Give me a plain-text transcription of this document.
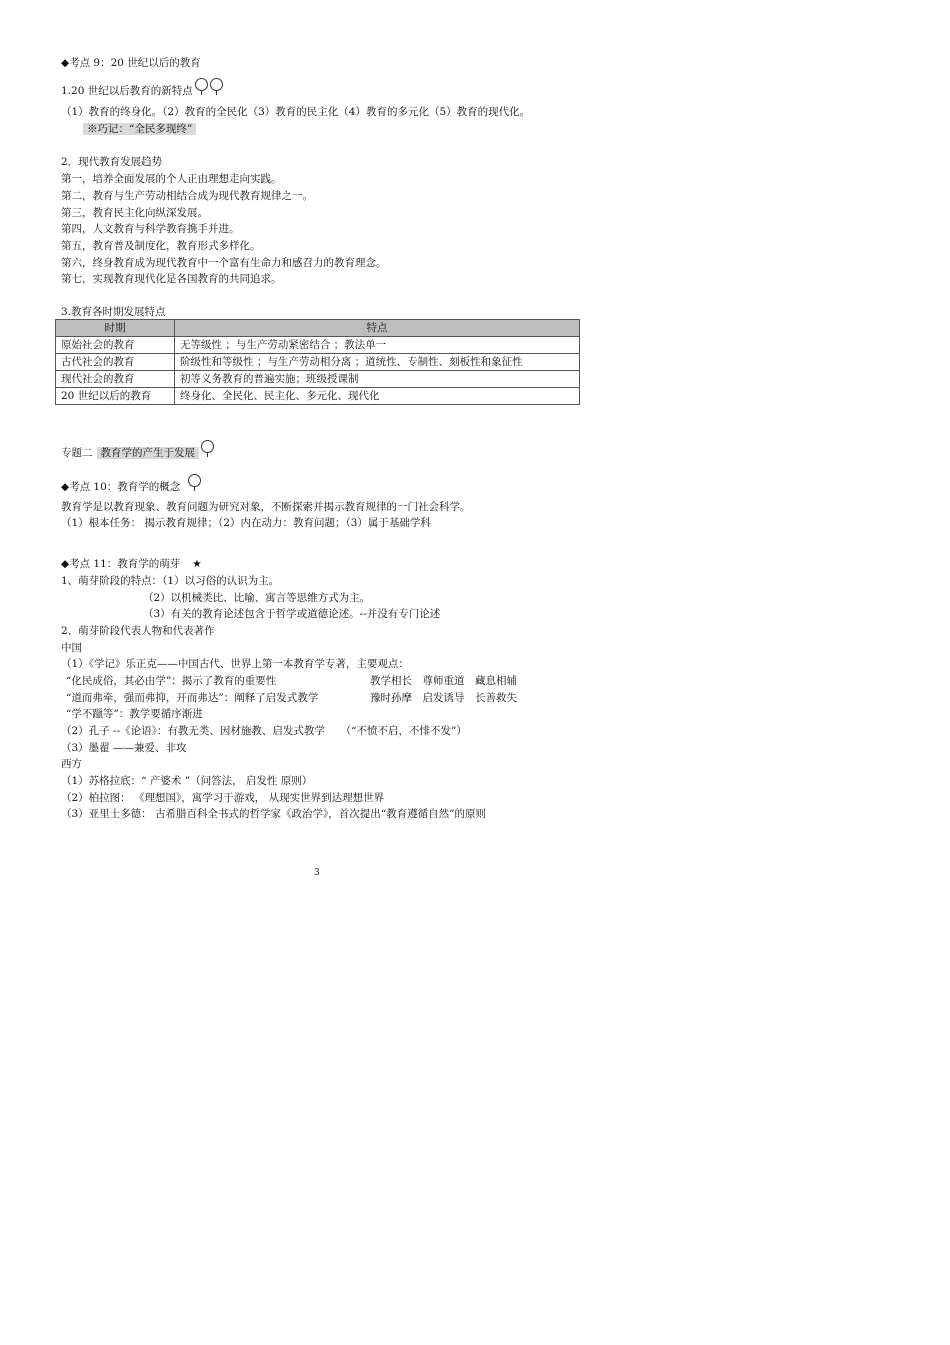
◆考点 9：20 世纪以后的教育
1.20 世纪以后教育的新特点
（1）教育的终身化。（2）教育的全民化（3）教育的民主化（4）教育的多元化（5）教育的现代化。
※巧记：“全民多现终”
2．现代教育发展趋势
第一，培养全面发展的个人正由理想走向实践。
第二，教育与生产劳动相结合成为现代教育规律之一。
第三，教育民主化向纵深发展。
第四，人文教育与科学教育携手并进。
第五，教育普及制度化，教育形式多样化。
第六，终身教育成为现代教育中一个富有生命力和感召力的教育理念。
第七，实现教育现代化是各国教育的共同追求。
3.教育各时期发展特点
时期	特点
原始社会的教育	无等级性 ；与生产劳动紧密结合 ；教法单一
古代社会的教育	阶级性和等级性 ；与生产劳动相分离 ；道统性、专制性、刻板性和象征性
现代社会的教育	初等义务教育的普遍实施；班级授课制
20 世纪以后的教育	终身化、全民化、民主化、多元化、现代化
专题二 教育学的产生于发展
◆考点 10：教育学的概念
教育学是以教育现象、教育问题为研究对象，不断探索并揭示教育规律的一门社会科学。
（1）根本任务： 揭示教育规律；（2）内在动力：教育问题；（3）属于基础学科
◆考点 11：教育学的萌芽 ★
1、萌芽阶段的特点：（1）以习俗的认识为主。
（2）以机械类比、比喻、寓言等思维方式为主。
（3）有关的教育论述包含于哲学或道德论述。--并没有专门论述
2、萌芽阶段代表人物和代表著作
中国
（1）《学记》乐正克——中国古代、世界上第一本教育学专著，主要观点：
“化民成俗，其必由学”：揭示了教育的重要性	教学相长　尊师重道　藏息相辅
“道而弗牵，强而弗抑，开而弗达”：阐释了启发式教学	豫时孙摩　启发诱导　长善救失
“学不躐等”：教学要循序渐进
（2）孔子 --《论语》：有教无类、因材施教、启发式教学　　（“不愤不启，不悱不发”）
（3）墨翟 ——兼爱、非攻
西方
（1）苏格拉底：“ 产婆术 ”（问答法， 启发性 原则）
（2）柏拉图： 《理想国》，寓学习于游戏， 从现实世界到达理想世界
（3）亚里士多德： 古希腊百科全书式的哲学家《政治学》，首次提出“教育遵循自然”的原则
3
